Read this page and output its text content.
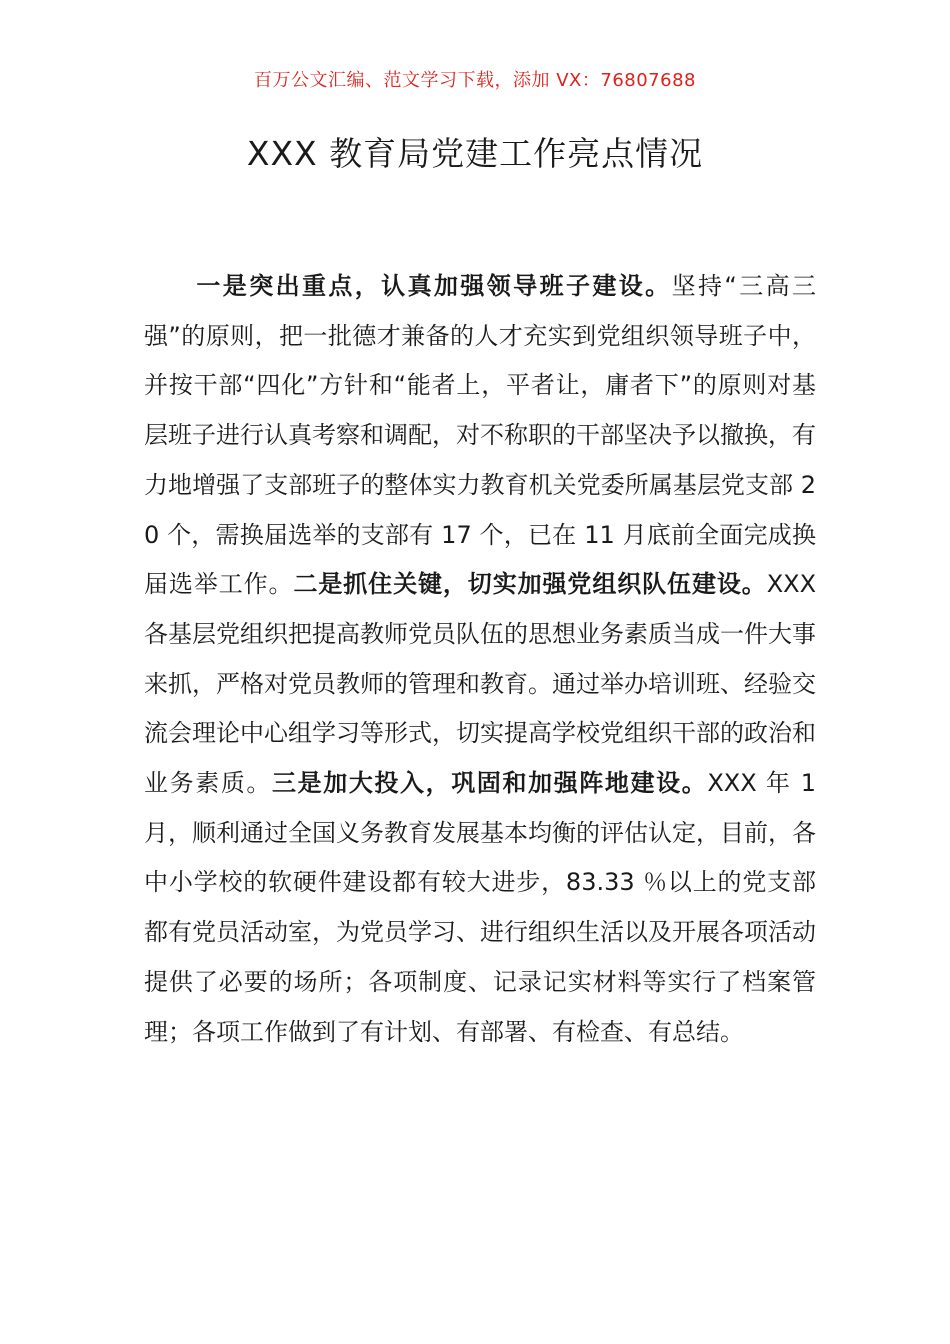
百万公文汇编、范文学习下载，添加 VX：76807688
XXX 教育局党建工作亮点情况

一是突出重点，认真加强领导班子建设。坚持“三高三强”的原则，把一批德才兼备的人才充实到党组织领导班子中，并按干部“四化”方针和“能者上，平者让，庸者下”的原则对基层班子进行认真考察和调配，对不称职的干部坚决予以撤换，有力地增强了支部班子的整体实力教育机关党委所属基层党支部 20 个，需换届选举的支部有 17 个，已在 11 月底前全面完成换届选举工作。二是抓住关键，切实加强党组织队伍建设。XXX 各基层党组织把提高教师党员队伍的思想业务素质当成一件大事来抓，严格对党员教师的管理和教育。通过举办培训班、经验交流会理论中心组学习等形式，切实提高学校党组织干部的政治和业务素质。三是加大投入，巩固和加强阵地建设。XXX 年 1 月，顺利通过全国义务教育发展基本均衡的评估认定，目前，各中小学校的软硬件建设都有较大进步，83.33 ％以上的党支部都有党员活动室，为党员学习、进行组织生活以及开展各项活动提供了必要的场所；各项制度、记录记实材料等实行了档案管理；各项工作做到了有计划、有部署、有检查、有总结。
